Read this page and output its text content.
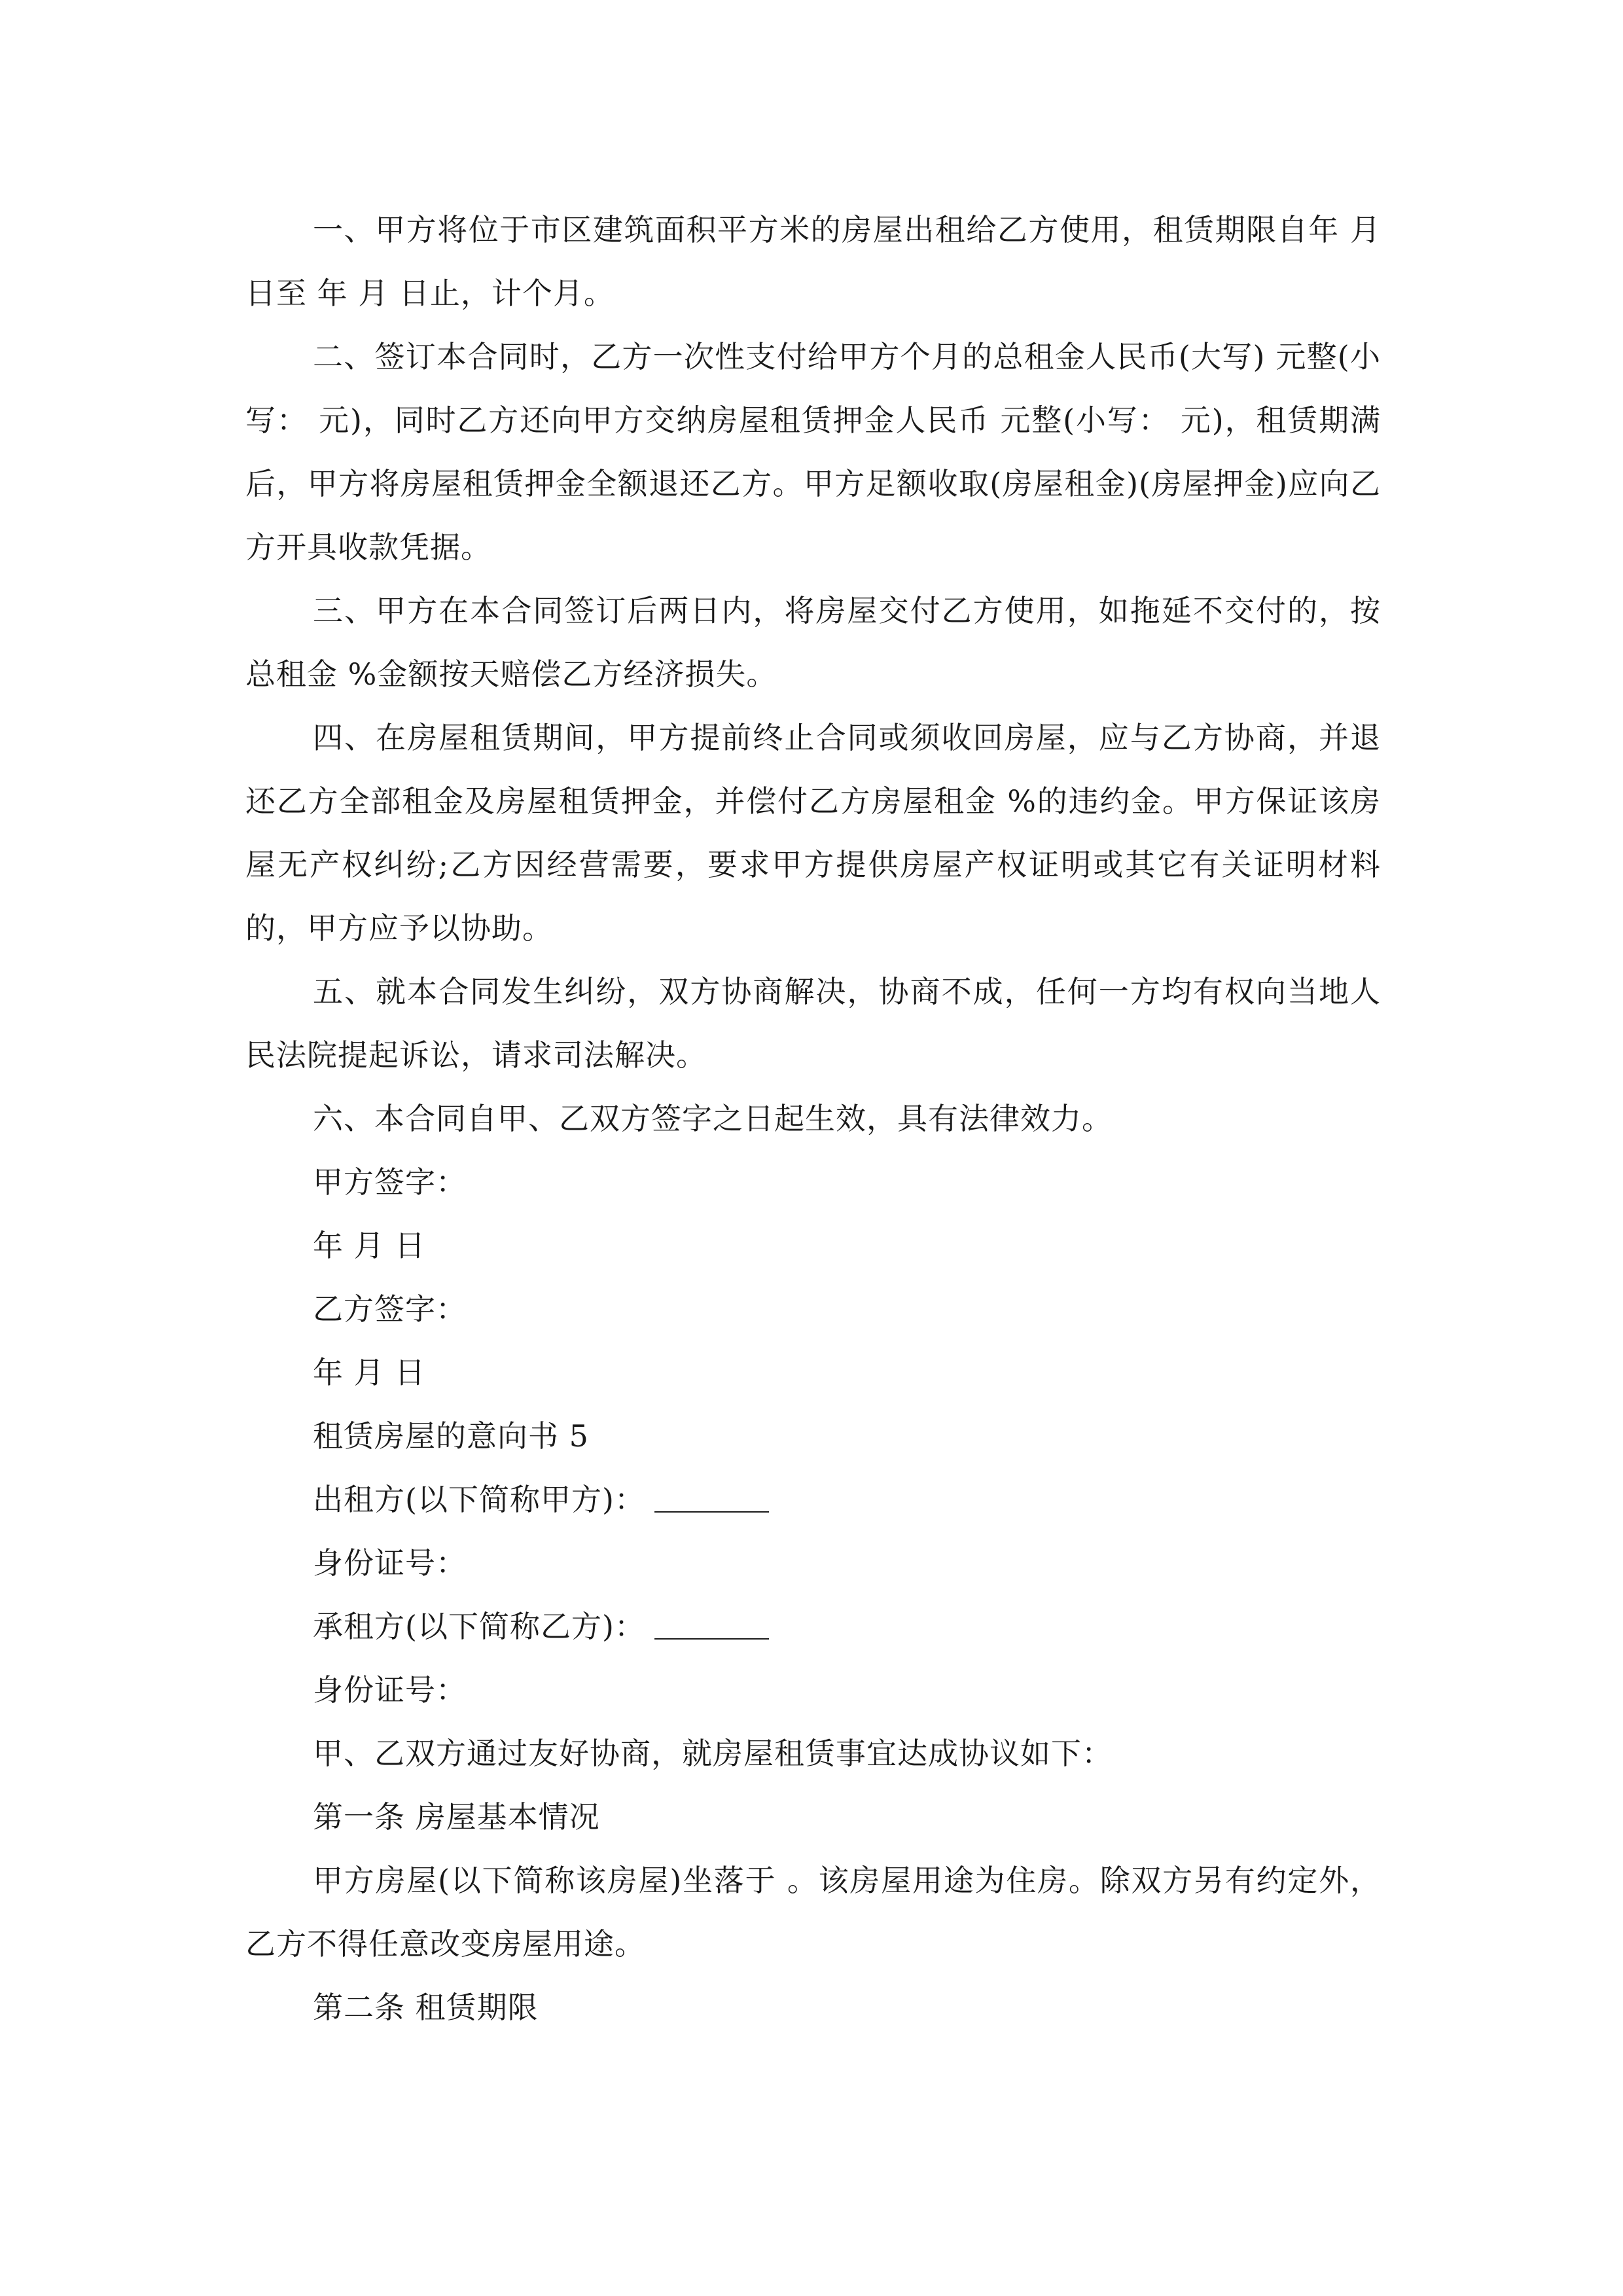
一、甲方将位于市区建筑面积平方米的房屋出租给乙方使用，租赁期限自年 月 日至 年 月 日止，计个月。

二、签订本合同时，乙方一次性支付给甲方个月的总租金人民币(大写) 元整(小写： 元)，同时乙方还向甲方交纳房屋租赁押金人民币 元整(小写： 元)，租赁期满后，甲方将房屋租赁押金全额退还乙方。甲方足额收取(房屋租金)(房屋押金)应向乙方开具收款凭据。

三、甲方在本合同签订后两日内，将房屋交付乙方使用，如拖延不交付的，按总租金 %金额按天赔偿乙方经济损失。

四、在房屋租赁期间，甲方提前终止合同或须收回房屋，应与乙方协商，并退还乙方全部租金及房屋租赁押金，并偿付乙方房屋租金 %的违约金。甲方保证该房屋无产权纠纷;乙方因经营需要，要求甲方提供房屋产权证明或其它有关证明材料的，甲方应予以协助。

五、就本合同发生纠纷，双方协商解决，协商不成，任何一方均有权向当地人民法院提起诉讼，请求司法解决。

六、本合同自甲、乙双方签字之日起生效，具有法律效力。

甲方签字：

年 月 日

乙方签字：

年 月 日

租赁房屋的意向书 5

出租方(以下简称甲方)：

身份证号：

承租方(以下简称乙方)：

身份证号：

甲、乙双方通过友好协商，就房屋租赁事宜达成协议如下：

第一条 房屋基本情况

甲方房屋(以下简称该房屋)坐落于 。该房屋用途为住房。除双方另有约定外，乙方不得任意改变房屋用途。

第二条 租赁期限
